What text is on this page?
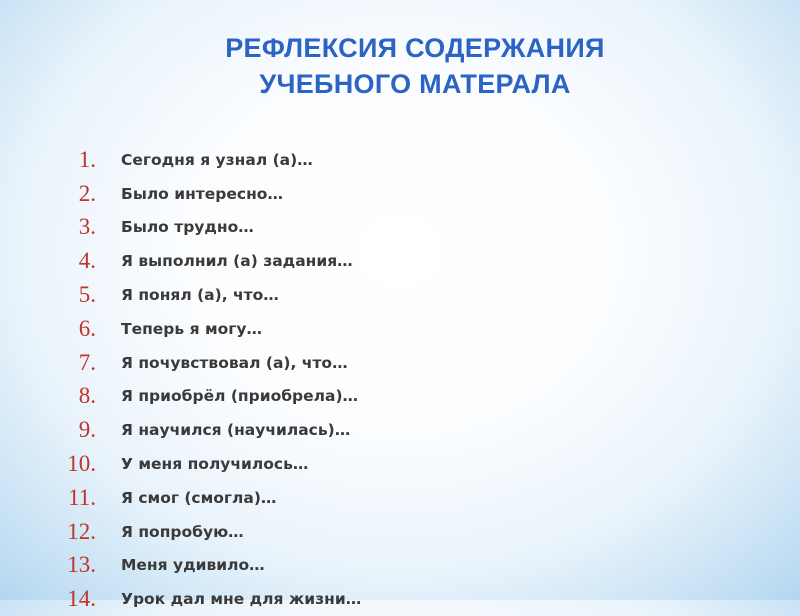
РЕФЛЕКСИЯ СОДЕРЖАНИЯ
УЧЕБНОГО МАТЕРАЛА
1. Сегодня я узнал (а)…
2. Было интересно…
3. Было трудно…
4. Я выполнил (а) задания…
5. Я понял (а), что…
6. Теперь я могу…
7. Я почувствовал (а), что…
8. Я приобрёл (приобрела)…
9. Я научился (научилась)…
10. У меня получилось…
11. Я смог (смогла)…
12. Я попробую…
13. Меня удивило…
14. Урок дал мне для жизни…
